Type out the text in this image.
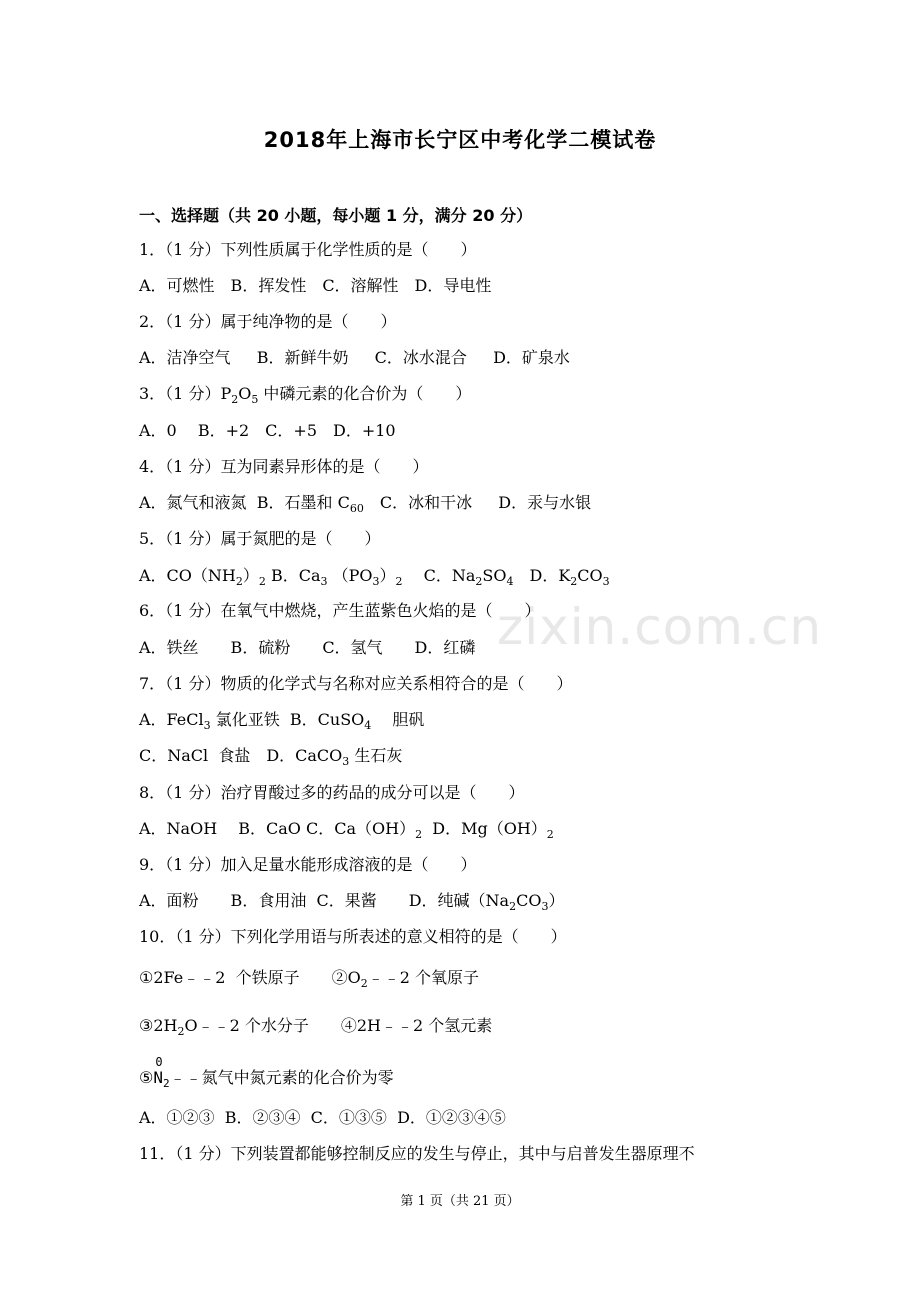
zixin.com.cn
2018年上海市长宁区中考化学二模试卷
一、选择题（共 20 小题，每小题 1 分，满分 20 分）
1．（1 分）下列性质属于化学性质的是（　　）
A．可燃性　B．挥发性　C．溶解性　D．导电性
2．（1 分）属于纯净物的是（　　）
A．洁净空气　  B．新鲜牛奶　  C．冰水混合　  D．矿泉水
3．（1 分）$P_2O_5$ 中磷元素的化合价为（　　）
A．0　 B．+2　C．+5　D．+10
4．（1 分）互为同素异形体的是（　　）
A．氮气和液氮  B．石墨和 $C_{60}$　C．冰和干冰　  D．汞与水银
5．（1 分）属于氮肥的是（　　）
A．$CO(NH_2)_2$ B．$Ca_3$ $(PO_3)_2$　 C．$Na_2SO_4$　D．$K_2CO_3$
6．（1 分）在氧气中燃烧，产生蓝紫色火焰的是（　　）
A．铁丝　　B．硫粉　　C．氢气　　D．红磷
7．（1 分）物质的化学式与名称对应关系相符合的是（　　）
A．FeCl$_3$ 氯化亚铁  B．CuSO$_4$　 胆矾
C．NaCl  食盐　D．CaCO$_3$ 生石灰
8．（1 分）治疗胃酸过多的药品的成分可以是（　　）
A．NaOH　 B．CaO C．$Ca(OH)_2$  D．$Mg(OH)_2$
9．（1 分）加入足量水能形成溶液的是（　　）
A．面粉　　B．食用油  C．果酱　　D．纯碱$(Na_2CO_3)$
10．（1 分）下列化学用语与所表述的意义相符的是（　　）
①2Fe﹣﹣2  个铁原子　　$②O_2﹣﹣2$ 个氧原子
$③2H_2O﹣﹣2$ 个水分子　　④2H﹣﹣2 个氢元素
⑤
0
$N_2﹣﹣$氮气中氮元素的化合价为零
A．①②③  B．②③④  C．①③⑤  D．①②③④⑤
11．（1 分）下列装置都能够控制反应的发生与停止，其中与启普发生器原理不
第 1 页（共 21 页）
